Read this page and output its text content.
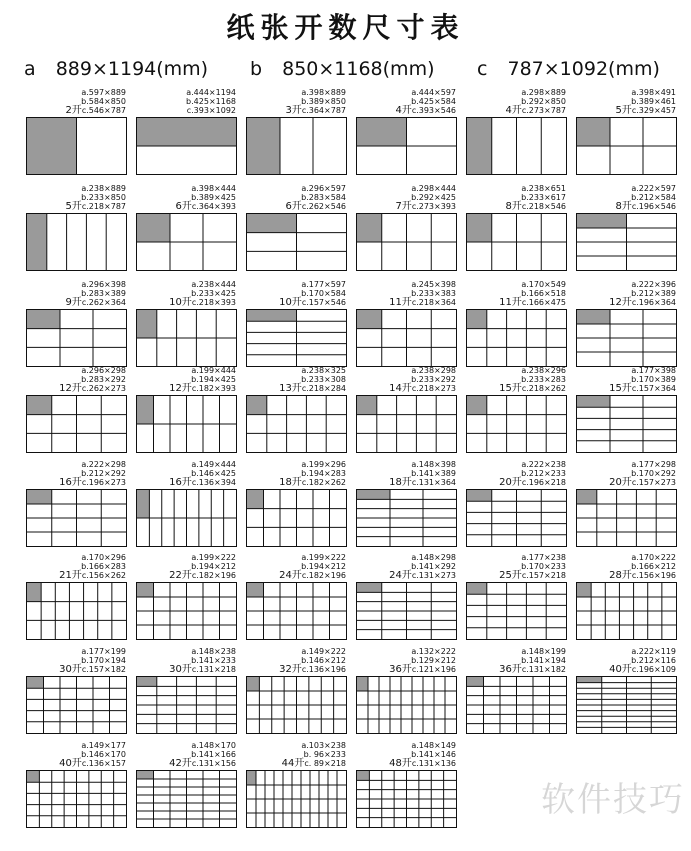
纸张开数尺寸表
a 889×1194(mm) b 850×1168(mm) c 787×1092(mm)
a.597×889
b.584×850
2开c.546×787
a.444×1194
b.425×1168
c.393×1092
a.398×889
b.389×850
3开c.364×787
a.444×597
b.425×584
4开c.393×546
a.298×889
b.292×850
4开c.273×787
a.398×491
b.389×461
5开c.329×457
a.238×889
b.233×850
5开c.218×787
a.398×444
b.389×425
6开c.364×393
a.296×597
b.283×584
6开c.262×546
a.298×444
b.292×425
7开c.273×393
a.238×651
b.233×617
8开c.218×546
a.222×597
b.212×584
8开c.196×546
a.296×398
b.283×389
9开c.262×364
a.238×444
b.233×425
10开c.218×393
a.177×597
b.170×584
10开c.157×546
a.245×398
b.233×383
11开c.218×364
a.170×549
b.166×518
11开c.166×475
a.222×396
b.212×389
12开c.196×364
a.296×298
b.283×292
12开c.262×273
a.199×444
b.194×425
12开c.182×393
a.238×325
b.233×308
13开c.218×284
a.238×298
b.233×292
14开c.218×273
a.238×296
b.233×283
15开c.218×262
a.177×398
b.170×389
15开c.157×364
a.222×298
b.212×292
16开c.196×273
a.149×444
b.146×425
16开c.136×394
a.199×296
b.194×283
18开c.182×262
a.148×398
b.141×389
18开c.131×364
a.222×238
b.212×233
20开c.196×218
a.177×298
b.170×292
20开c.157×273
a.170×296
b.166×283
21开c.156×262
a.199×222
b.194×212
22开c.182×196
a.199×222
b.194×212
24开c.182×196
a.148×298
b.141×292
24开c.131×273
a.177×238
b.170×233
25开c.157×218
a.170×222
b.166×212
28开c.156×196
a.177×199
b.170×194
30开c.157×182
a.148×238
b.141×233
30开c.131×218
a.149×222
b.146×212
32开c.136×196
a.132×222
b.129×212
36开c.121×196
a.148×199
b.141×194
36开c.131×182
a.222×119
b.212×116
40开c.196×109
a.149×177
b.146×170
40开c.136×157
a.148×170
b.141×166
42开c.131×156
a.103×238
b. 96×233
44开c. 89×218
a.148×149
b.141×146
48开c.131×136
软件技巧
